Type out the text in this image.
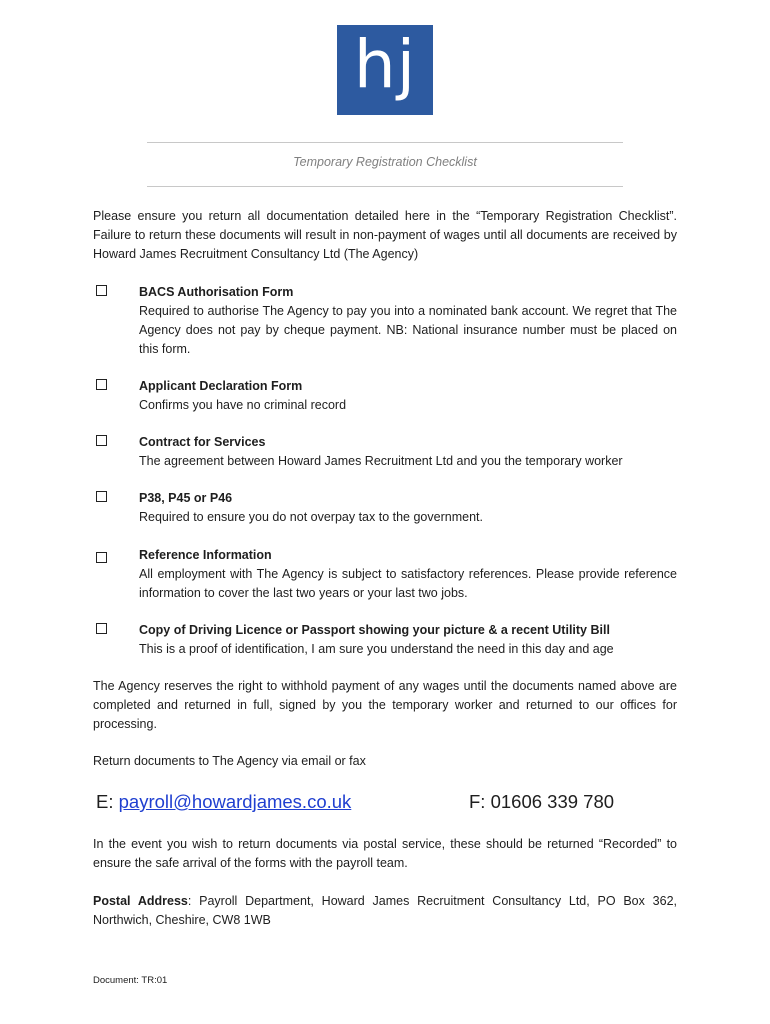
hj
Temporary Registration Checklist

Please ensure you return all documentation detailed here in the “Temporary Registration Checklist”. Failure to return these documents will result in non-payment of wages until all documents are received by Howard James Recruitment Consultancy Ltd (The Agency)

BACS Authorisation Form
Required to authorise The Agency to pay you into a nominated bank account. We regret that The Agency does not pay by cheque payment. NB: National insurance number must be placed on this form.
Applicant Declaration Form
Confirms you have no criminal record
Contract for Services
The agreement between Howard James Recruitment Ltd and you the temporary worker
P38, P45 or P46
Required to ensure you do not overpay tax to the government.
Reference Information
All employment with The Agency is subject to satisfactory references. Please provide reference information to cover the last two years or your last two jobs.
Copy of Driving Licence or Passport showing your picture & a recent Utility Bill
This is a proof of identification, I am sure you understand the need in this day and age

The Agency reserves the right to withhold payment of any wages until the documents named above are completed and returned in full, signed by you the temporary worker and returned to our offices for processing.

Return documents to The Agency via email or fax

E: payroll@howardjames.co.uk	F: 01606 339 780

In the event you wish to return documents via postal service, these should be returned “Recorded” to ensure the safe arrival of the forms with the payroll team.

Postal Address: Payroll Department, Howard James Recruitment Consultancy Ltd, PO Box 362, Northwich, Cheshire, CW8 1WB

Document: TR:01
